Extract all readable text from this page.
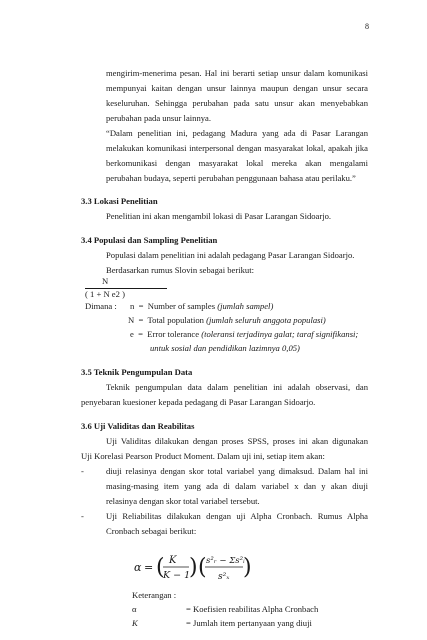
8
mengirim-menerima pesan. Hal ini berarti setiap unsur dalam komunikasi
mempunyai kaitan dengan unsur lainnya maupun dengan unsur secara
keseluruhan. Sehingga perubahan pada satu unsur akan menyebabkan
perubahan pada unsur lainnya.
“Dalam penelitian ini, pedagang Madura yang ada di Pasar Larangan
melakukan komunikasi interpersonal dengan masyarakat lokal, apakah jika
berkomunikasi dengan masyarakat lokal mereka akan mengalami
perubahan budaya, seperti perubahan penggunaan bahasa atau perilaku.”
3.3 Lokasi Penelitian
Penelitian ini akan mengambil lokasi di Pasar Larangan Sidoarjo.
3.4 Populasi dan Sampling Penelitian
Populasi dalam penelitian ini adalah pedagang Pasar Larangan Sidoarjo.
Berdasarkan rumus Slovin sebagai berikut:
N
( 1 + N e2 )
Dimana : n = Number of samples (jumlah sampel)
N = Total population (jumlah seluruh anggota populasi)
e = Error tolerance (toleransi terjadinya galat; taraf signifikansi;
untuk sosial dan pendidikan lazimnya 0,05)
3.5 Teknik Pengumpulan Data
Teknik pengumpulan data dalam penelitian ini adalah observasi, dan
penyebaran kuesioner kepada pedagang di Pasar Larangan Sidoarjo.
3.6 Uji Validitas dan Reabilitas
Uji Validitas dilakukan dengan proses SPSS, proses ini akan digunakan
Uji Korelasi Pearson Product Moment. Dalam uji ini, setiap item akan:
-	diuji relasinya dengan skor total variabel yang dimaksud. Dalam hal ini
masing-masing item yang ada di dalam variabel x dan y akan diuji
relasinya dengan skor total variabel tersebut.
-	Uji Reliabilitas dilakukan dengan uji Alpha Cronbach. Rumus Alpha
Cronbach sebagai berikut:
α = ( K
K − 1
) ( s²ᵣ − Σs²ᵢ
s²ₓ )
Keterangan :
α	= Koefisien reabilitas Alpha Cronbach
K	= Jumlah item pertanyaan yang diuji
